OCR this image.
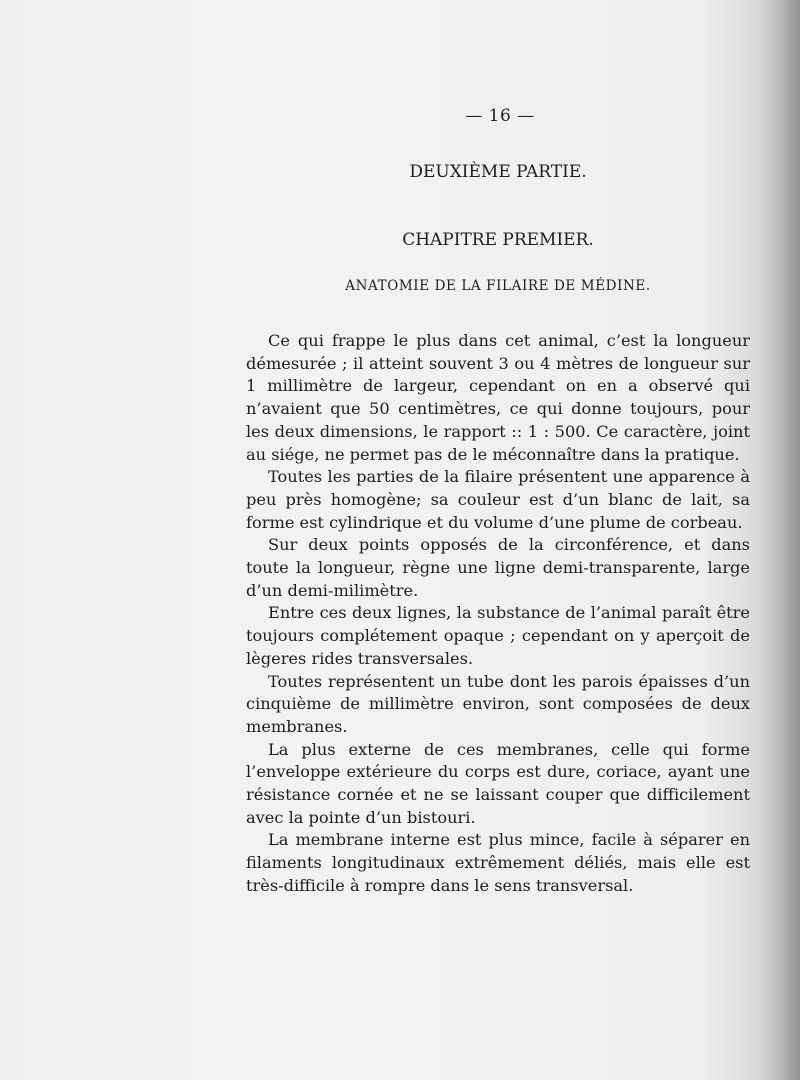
— 16 —
DEUXIÈME PARTIE.
CHAPITRE PREMIER.
ANATOMIE DE LA FILAIRE DE MÉDINE.

Ce qui frappe le plus dans cet animal, c’est la longueur démesurée ; il atteint souvent 3 ou 4 mètres de longueur sur 1 millimètre de largeur, cependant on en a observé qui n’avaient que 50 centimètres, ce qui donne toujours, pour les deux dimensions, le rapport :: 1 : 500. Ce caractère, joint au siége, ne permet pas de le méconnaître dans la pratique.

Toutes les parties de la filaire présentent une apparence à peu près homogène; sa couleur est d’un blanc de lait, sa forme est cylindrique et du volume d’une plume de corbeau.

Sur deux points opposés de la circonférence, et dans toute la longueur, règne une ligne demi-transparente, large d’un demi-milimètre.

Entre ces deux lignes, la substance de l’animal paraît être toujours complétement opaque ; cependant on y aperçoit de lègeres rides transversales.

Toutes représentent un tube dont les parois épaisses d’un cinquième de millimètre environ, sont composées de deux membranes.

La plus externe de ces membranes, celle qui forme l’enveloppe extérieure du corps est dure, coriace, ayant une résistance cornée et ne se laissant couper que difficilement avec la pointe d’un bistouri.

La membrane interne est plus mince, facile à séparer en filaments longitudinaux extrêmement déliés, mais elle est très-difficile à rompre dans le sens transversal.
